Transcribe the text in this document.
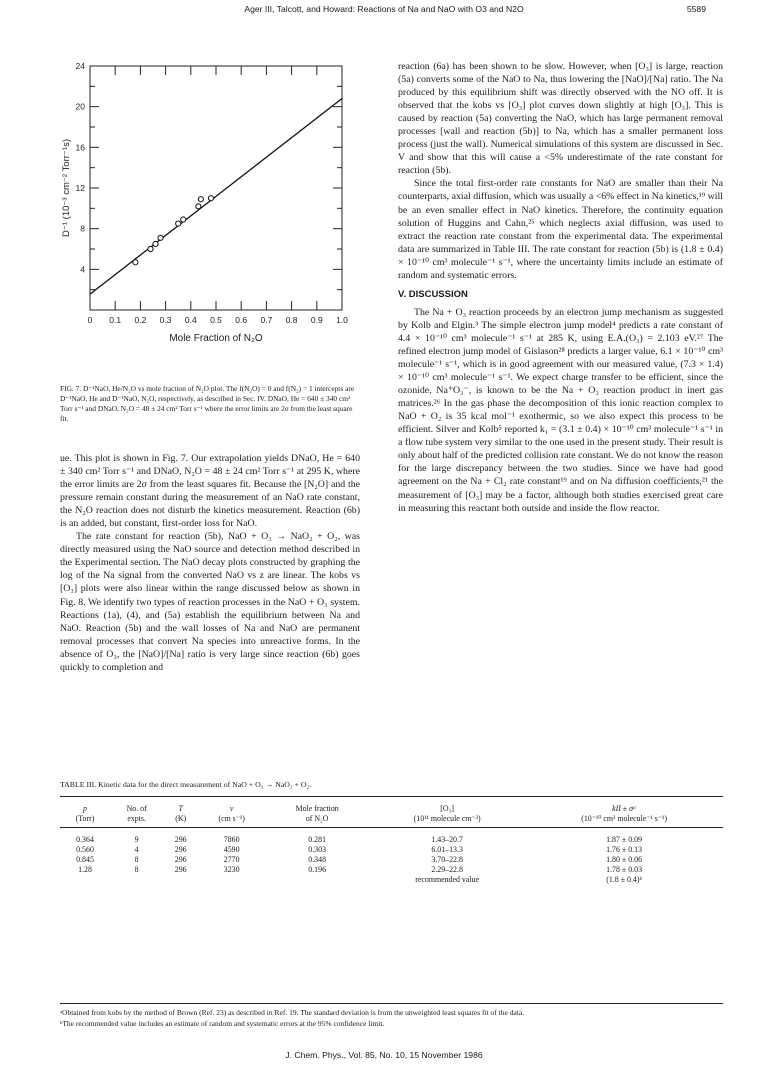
Ager III, Talcott, and Howard: Reactions of Na and NaO with O3 and N2O	5589
0 0.1 0.2 0.3 0.4 0.5 0.6 0.7 0.8 0.9 1.0
4
8
12
16
20
24
Mole Fraction of N₂O
D⁻¹ (10⁻³ cm⁻² Torr⁻¹s)
FIG. 7. D⁻¹NaO, He/N₂O vs mole fraction of N₂O plot. The f(N₂O) = 0 and f(N₂) = 1 intercepts are D⁻¹NaO, He and D⁻¹NaO, N₂O, respectively, as described in Sec. IV. DNaO, He = 640 ± 340 cm² Torr s⁻¹ and DNaO, N₂O = 48 ± 24 cm² Torr s⁻¹ where the error limits are 2σ from the least square fit.

ue. This plot is shown in Fig. 7. Our extrapolation yields DNaO, He = 640 ± 340 cm² Torr s⁻¹ and DNaO, N₂O = 48 ± 24 cm² Torr s⁻¹ at 295 K, where the error limits are 2σ from the least squares fit. Because the [N₂O] and the pressure remain constant during the measurement of an NaO rate constant, the N₂O reaction does not disturb the kinetics measurement. Reaction (6b) is an added, but constant, first-order loss for NaO.

The rate constant for reaction (5b), NaO + O₃ → NaO₂ + O₂, was directly measured using the NaO source and detection method described in the Experimental section. The NaO decay plots constructed by graphing the log of the Na signal from the converted NaO vs z are linear. The kobs vs [O₃] plots were also linear within the range discussed below as shown in Fig. 8. We identify two types of reaction processes in the NaO + O₃ system. Reactions (1a), (4), and (5a) establish the equilibrium between Na and NaO. Reaction (5b) and the wall losses of Na and NaO are permanent removal processes that convert Na species into unreactive forms. In the absence of O₃, the [NaO]/[Na] ratio is very large since reaction (6b) goes quickly to completion and

reaction (6a) has been shown to be slow. However, when [O₃] is large, reaction (5a) converts some of the NaO to Na, thus lowering the [NaO]/[Na] ratio. The Na produced by this equilibrium shift was directly observed with the NO off. It is observed that the kobs vs [O₃] plot curves down slightly at high [O₃]. This is caused by reaction (5a) converting the NaO, which has large permanent removal processes [wall and reaction (5b)] to Na, which has a smaller permanent loss process (just the wall). Numerical simulations of this system are discussed in Sec. V and show that this will cause a <5% underestimate of the rate constant for reaction (5b).

Since the total first-order rate constants for NaO are smaller than their Na counterparts, axial diffusion, which was usually a <6% effect in Na kinetics,¹⁹ will be an even smaller effect in NaO kinetics. Therefore, the continuity equation solution of Huggins and Cahn,²⁵ which neglects axial diffusion, was used to extract the reaction rate constant from the experimental data. The experimental data are summarized in Table III. The rate constant for reaction (5b) is (1.8 ± 0.4) × 10⁻¹⁰ cm³ molecule⁻¹ s⁻¹, where the uncertainty limits include an estimate of random and systematic errors.

V. DISCUSSION

The Na + O₃ reaction proceeds by an electron jump mechanism as suggested by Kolb and Elgin.³ The simple electron jump model⁴ predicts a rate constant of 4.4 × 10⁻¹⁰ cm³ molecule⁻¹ s⁻¹ at 285 K, using E.A.(O₃) = 2.103 eV.²⁷ The refined electron jump model of Gislason²⁸ predicts a larger value, 6.1 × 10⁻¹⁰ cm³ molecule⁻¹ s⁻¹, which is in good agreement with our measured value, (7.3 × 1.4) × 10⁻¹⁰ cm³ molecule⁻¹ s⁻¹. We expect charge transfer to be efficient, since the ozonide, Na⁺O₃⁻, is known to be the Na + O₃ reaction product in inert gas matrices.²⁶ In the gas phase the decomposition of this ionic reaction complex to NaO + O₂ is 35 kcal mol⁻¹ exothermic, so we also expect this process to be efficient. Silver and Kolb⁵ reported k₁ = (3.1 ± 0.4) × 10⁻¹⁰ cm³ molecule⁻¹ s⁻¹ in a flow tube system very similar to the one used in the present study. Their result is only about half of the predicted collision rate constant. We do not know the reason for the large discrepancy between the two studies. Since we have had good agreement on the Na + Cl₂ rate constant¹⁹ and on Na diffusion coefficients,²¹ the measurement of [O₃] may be a factor, although both studies exercised great care in measuring this reactant both outside and inside the flow reactor.

TABLE III. Kinetic data for the direct measurement of NaO + O₃ → NaO₂ + O₂.
p	No. of	T	v	Mole fraction	[O₃]	kII ± σᵃ
(Torr)	expts.	(K)	(cm s⁻¹)	of N₂O	(10¹¹ molecule cm⁻³)	(10⁻¹⁰ cm³ molecule⁻¹ s⁻¹)
0.364	9	296	7860	0.281	1.43–20.7	1.87 ± 0.09
0.560	4	296	4590	0.303	6.01–13.3	1.76 ± 0.13
0.845	8	296	2770	0.348	3.70–22.8	1.80 ± 0.06
1.28	8	296	3230	0.196	2.29–22.8	1.78 ± 0.03
					recommended value	(1.8 ± 0.4)ᵇ
ᵃObtained from kobs by the method of Brown (Ref. 23) as described in Ref. 19. The standard deviation is from the unweighted least squares fit of the data.
ᵇThe recommended value includes an estimate of random and systematic errors at the 95% confidence limit.
J. Chem. Phys., Vol. 85, No. 10, 15 November 1986
